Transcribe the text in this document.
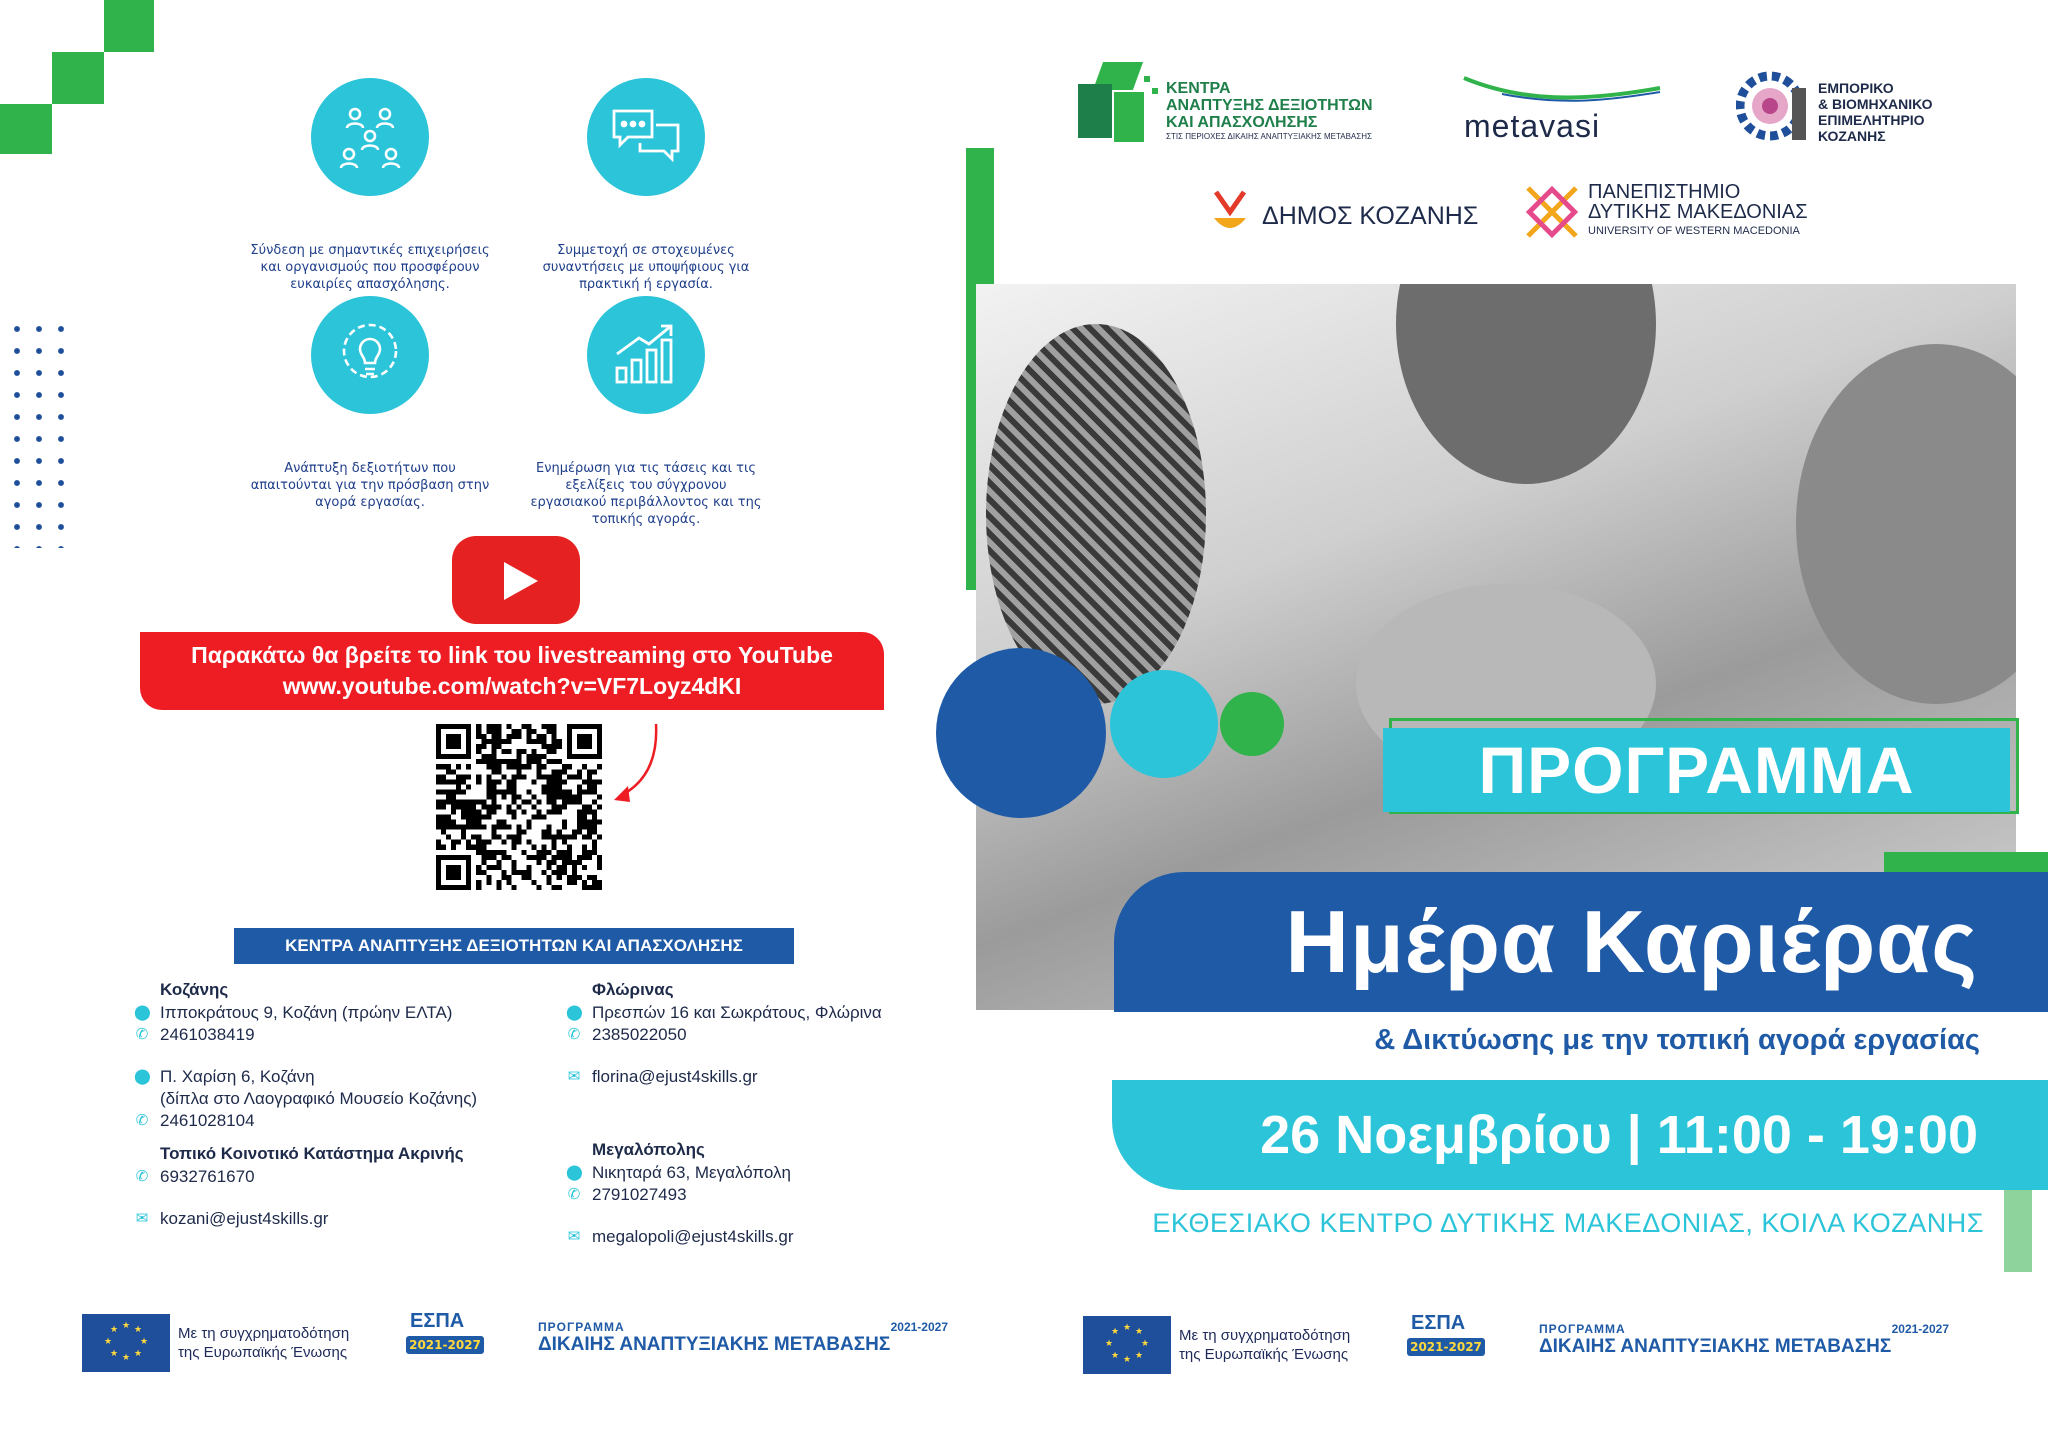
Σύνδεση με σημαντικές επιχειρήσεις και οργανισμούς που προσφέρουν ευκαιρίες απασχόλησης.
Συμμετοχή σε στοχευμένες συναντήσεις με υποψήφιους για πρακτική ή εργασία.
Ανάπτυξη δεξιοτήτων που απαιτούνται για την πρόσβαση στην αγορά εργασίας.
Ενημέρωση για τις τάσεις και τις εξελίξεις του σύγχρονου εργασιακού περιβάλλοντος και της τοπικής αγοράς.
Παρακάτω θα βρείτε το link του livestreaming στο YouTube
www.youtube.com/watch?v=VF7Loyz4dKI
ΚΕΝΤΡΑ ΑΝΑΠΤΥΞΗΣ ΔΕΞΙΟΤΗΤΩΝ ΚΑΙ ΑΠΑΣΧΟΛΗΣΗΣ
Κοζάνης
⬤ Ιπποκράτους 9, Κοζάνη (πρώην ΕΛΤΑ)
✆ 2461038419
⬤ Π. Χαρίση 6, Κοζάνη
(δίπλα στο Λαογραφικό Μουσείο Κοζάνης)
✆ 2461028104
Τοπικό Κοινοτικό Κατάστημα Ακρινής
✆ 6932761670
✉ kozani@ejust4skills.gr
Φλώρινας
⬤ Πρεσπών 16 και Σωκράτους, Φλώρινα
✆ 2385022050
✉ florina@ejust4skills.gr
Μεγαλόπολης
⬤ Νικηταρά 63, Μεγαλόπολη
✆ 2791027493
✉ megalopoli@ejust4skills.gr
★ ★
★
★
★
★
★
★	Με τη συγχρηματοδότηση
της Ευρωπαϊκής Ένωσης
ΕΣΠΑ
2021-2027
ΠΡΟΓΡΑΜΜΑ	2021-2027
ΔΙΚΑΙΗΣ ΑΝΑΠΤΥΞΙΑΚΗΣ ΜΕΤΑΒΑΣΗΣ
ΚΕΝΤΡΑ
ΑΝΑΠΤΥΞΗΣ ΔΕΞΙΟΤΗΤΩΝ
ΚΑΙ ΑΠΑΣΧΟΛΗΣΗΣ
ΣΤΙΣ ΠΕΡΙΟΧΕΣ ΔΙΚΑΙΗΣ ΑΝΑΠΤΥΞΙΑΚΗΣ ΜΕΤΑΒΑΣΗΣ	metavasi
ΕΜΠΟΡΙΚΟ
& ΒΙΟΜΗΧΑΝΙΚΟ
ΕΠΙΜΕΛΗΤΗΡΙΟ
ΚΟΖΑΝΗΣ
ΔΗΜΟΣ ΚΟΖΑΝΗΣ
ΠΑΝΕΠΙΣΤΗΜΙΟ
ΔΥΤΙΚΗΣ ΜΑΚΕΔΟΝΙΑΣ
UNIVERSITY OF WESTERN MACEDONIA
ΠΡΟΓΡΑΜΜΑ
Ημέρα Καριέρας
& Δικτύωσης με την τοπική αγορά εργασίας
26 Νοεμβρίου | 11:00 - 19:00
ΕΚΘΕΣΙΑΚΟ ΚΕΝΤΡΟ ΔΥΤΙΚΗΣ ΜΑΚΕΔΟΝΙΑΣ, ΚΟΙΛΑ ΚΟΖΑΝΗΣ
★ ★
★
★
★
★
★
★	Με τη συγχρηματοδότηση
της Ευρωπαϊκής Ένωσης
ΕΣΠΑ
2021-2027
ΠΡΟΓΡΑΜΜΑ	2021-2027
ΔΙΚΑΙΗΣ ΑΝΑΠΤΥΞΙΑΚΗΣ ΜΕΤΑΒΑΣΗΣ
